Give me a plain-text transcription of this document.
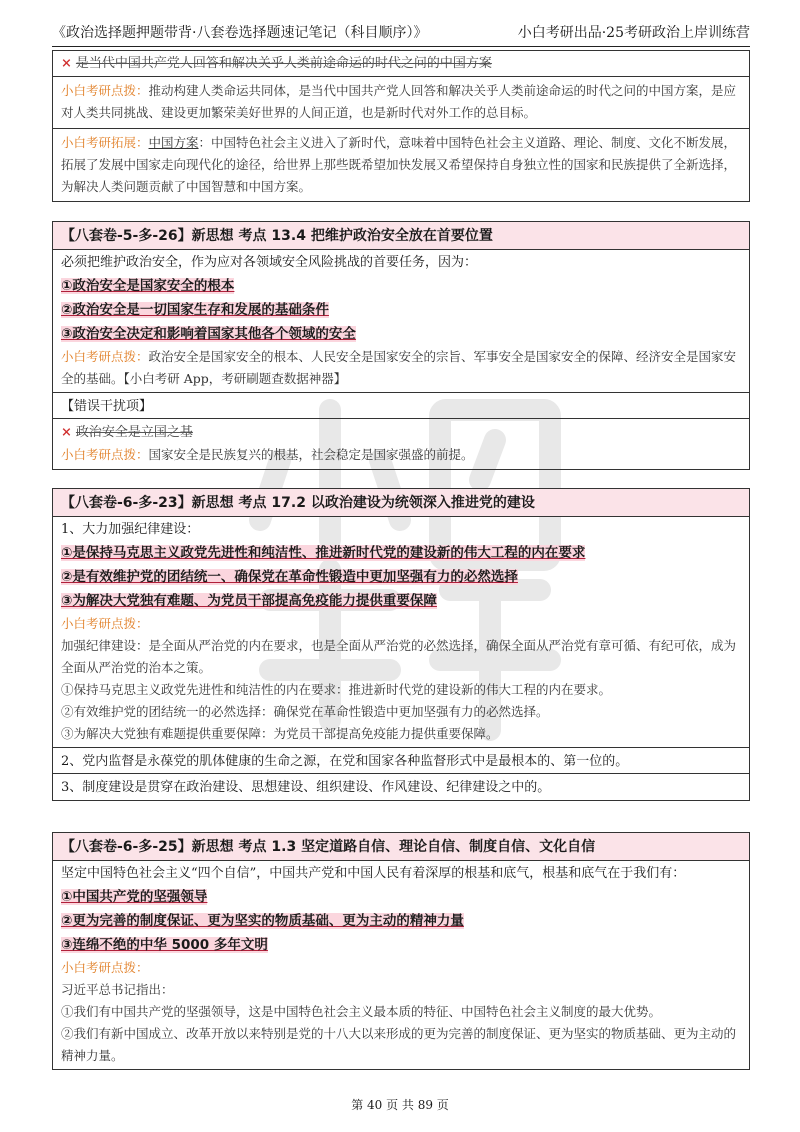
《政治选择题押题带背·八套卷选择题速记笔记（科目顺序）》	小白考研出品·25考研政治上岸训练营
× 是当代中国共产党人回答和解决关乎人类前途命运的时代之问的中国方案
小白考研点拨：推动构建人类命运共同体，是当代中国共产党人回答和解决关乎人类前途命运的时代之问的中国方案，是应对人类共同挑战、建设更加繁荣美好世界的人间正道，也是新时代对外工作的总目标。
小白考研拓展：中国方案：中国特色社会主义进入了新时代，意味着中国特色社会主义道路、理论、制度、文化不断发展，拓展了发展中国家走向现代化的途径，给世界上那些既希望加快发展又希望保持自身独立性的国家和民族提供了全新选择，为解决人类问题贡献了中国智慧和中国方案。
【八套卷-5-多-26】新思想 考点 13.4 把维护政治安全放在首要位置
必须把维护政治安全，作为应对各领域安全风险挑战的首要任务，因为：
①政治安全是国家安全的根本
②政治安全是一切国家生存和发展的基础条件
③政治安全决定和影响着国家其他各个领域的安全
小白考研点拨：政治安全是国家安全的根本、人民安全是国家安全的宗旨、军事安全是国家安全的保障、经济安全是国家安全的基础。【小白考研 App，考研刷题查数据神器】
【错误干扰项】
× 政治安全是立国之基
小白考研点拨：国家安全是民族复兴的根基，社会稳定是国家强盛的前提。
【八套卷-6-多-23】新思想 考点 17.2 以政治建设为统领深入推进党的建设
1、大力加强纪律建设：
①是保持马克思主义政党先进性和纯洁性、推进新时代党的建设新的伟大工程的内在要求
②是有效维护党的团结统一、确保党在革命性锻造中更加坚强有力的必然选择
③为解决大党独有难题、为党员干部提高免疫能力提供重要保障
小白考研点拨：
加强纪律建设：是全面从严治党的内在要求，也是全面从严治党的必然选择，确保全面从严治党有章可循、有纪可依，成为全面从严治党的治本之策。
①保持马克思主义政党先进性和纯洁性的内在要求：推进新时代党的建设新的伟大工程的内在要求。
②有效维护党的团结统一的必然选择：确保党在革命性锻造中更加坚强有力的必然选择。
③为解决大党独有难题提供重要保障：为党员干部提高免疫能力提供重要保障。
2、党内监督是永葆党的肌体健康的生命之源，在党和国家各种监督形式中是最根本的、第一位的。
3、制度建设是贯穿在政治建设、思想建设、组织建设、作风建设、纪律建设之中的。
【八套卷-6-多-25】新思想 考点 1.3 坚定道路自信、理论自信、制度自信、文化自信
坚定中国特色社会主义“四个自信”，中国共产党和中国人民有着深厚的根基和底气，根基和底气在于我们有：
①中国共产党的坚强领导
②更为完善的制度保证、更为坚实的物质基础、更为主动的精神力量
③连绵不绝的中华 5000 多年文明
小白考研点拨：
习近平总书记指出：
①我们有中国共产党的坚强领导，这是中国特色社会主义最本质的特征、中国特色社会主义制度的最大优势。
②我们有新中国成立、改革开放以来特别是党的十八大以来形成的更为完善的制度保证、更为坚实的物质基础、更为主动的精神力量。
第 40 页 共 89 页
